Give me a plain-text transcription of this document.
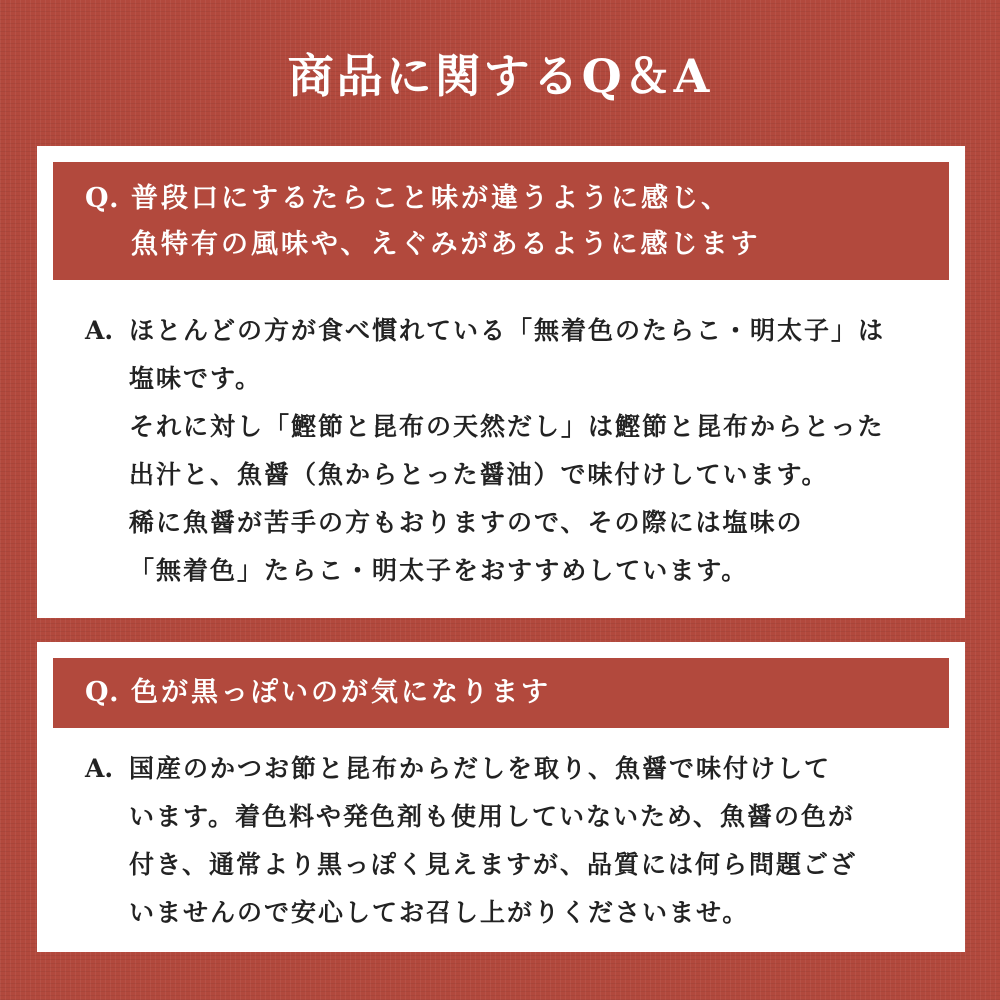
商品に関するQ＆A
Q. 普段口にするたらこと味が違うように感じ、
魚特有の風味や、えぐみがあるように感じます
A. ほとんどの方が食べ慣れている「無着色のたらこ・明太子」は
塩味です。
それに対し「鰹節と昆布の天然だし」は鰹節と昆布からとった
出汁と、魚醤（魚からとった醤油）で味付けしています。
稀に魚醤が苦手の方もおりますので、その際には塩味の
「無着色」たらこ・明太子をおすすめしています。
Q. 色が黒っぽいのが気になります
A. 国産のかつお節と昆布からだしを取り、魚醤で味付けして
います。着色料や発色剤も使用していないため、魚醤の色が
付き、通常より黒っぽく見えますが、品質には何ら問題ござ
いませんので安心してお召し上がりくださいませ。
